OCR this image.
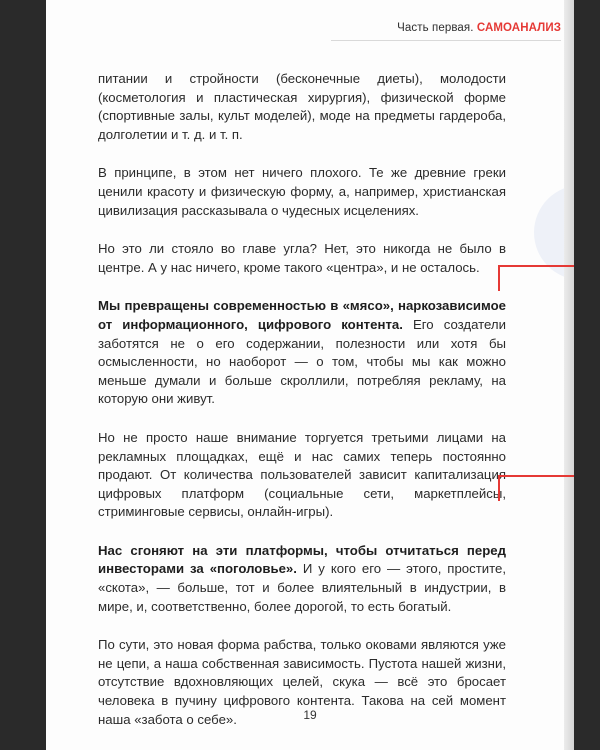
Часть первая. САМОАНАЛИЗ

питании и стройности (бесконечные диеты), молодости (косметология и пластическая хирургия), физической форме (спортивные залы, культ моделей), моде на предметы гардероба, долголетии и т. д. и т. п.

В принципе, в этом нет ничего плохого. Те же древние греки ценили красоту и физическую форму, а, например, христианская цивилизация рассказывала о чудесных исцелениях.

Но это ли стояло во главе угла? Нет, это никогда не было в центре. А у нас ничего, кроме такого «центра», и не осталось.

Мы превращены современностью в «мясо», наркозависимое от информационного, цифрового контента. Его создатели заботятся не о его содержании, полезности или хотя бы осмысленности, но наоборот — о том, чтобы мы как можно меньше думали и больше скроллили, потребляя рекламу, на которую они живут.

Но не просто наше внимание торгуется третьими лицами на рекламных площадках, ещё и нас самих теперь постоянно продают. От количества пользователей зависит капитализация цифровых платформ (социальные сети, маркетплейсы, стриминговые сервисы, онлайн-игры).

Нас сгоняют на эти платформы, чтобы отчитаться перед инвесторами за «поголовье». И у кого его — этого, простите, «скота», — больше, тот и более влиятельный в индустрии, в мире, и, соответственно, более дорогой, то есть богатый.

По сути, это новая форма рабства, только оковами являются уже не цепи, а наша собственная зависимость. Пустота нашей жизни, отсутствие вдохновляющих целей, скука — всё это бросает человека в пучину цифрового контента. Такова на сей момент наша «забота о себе».	19
